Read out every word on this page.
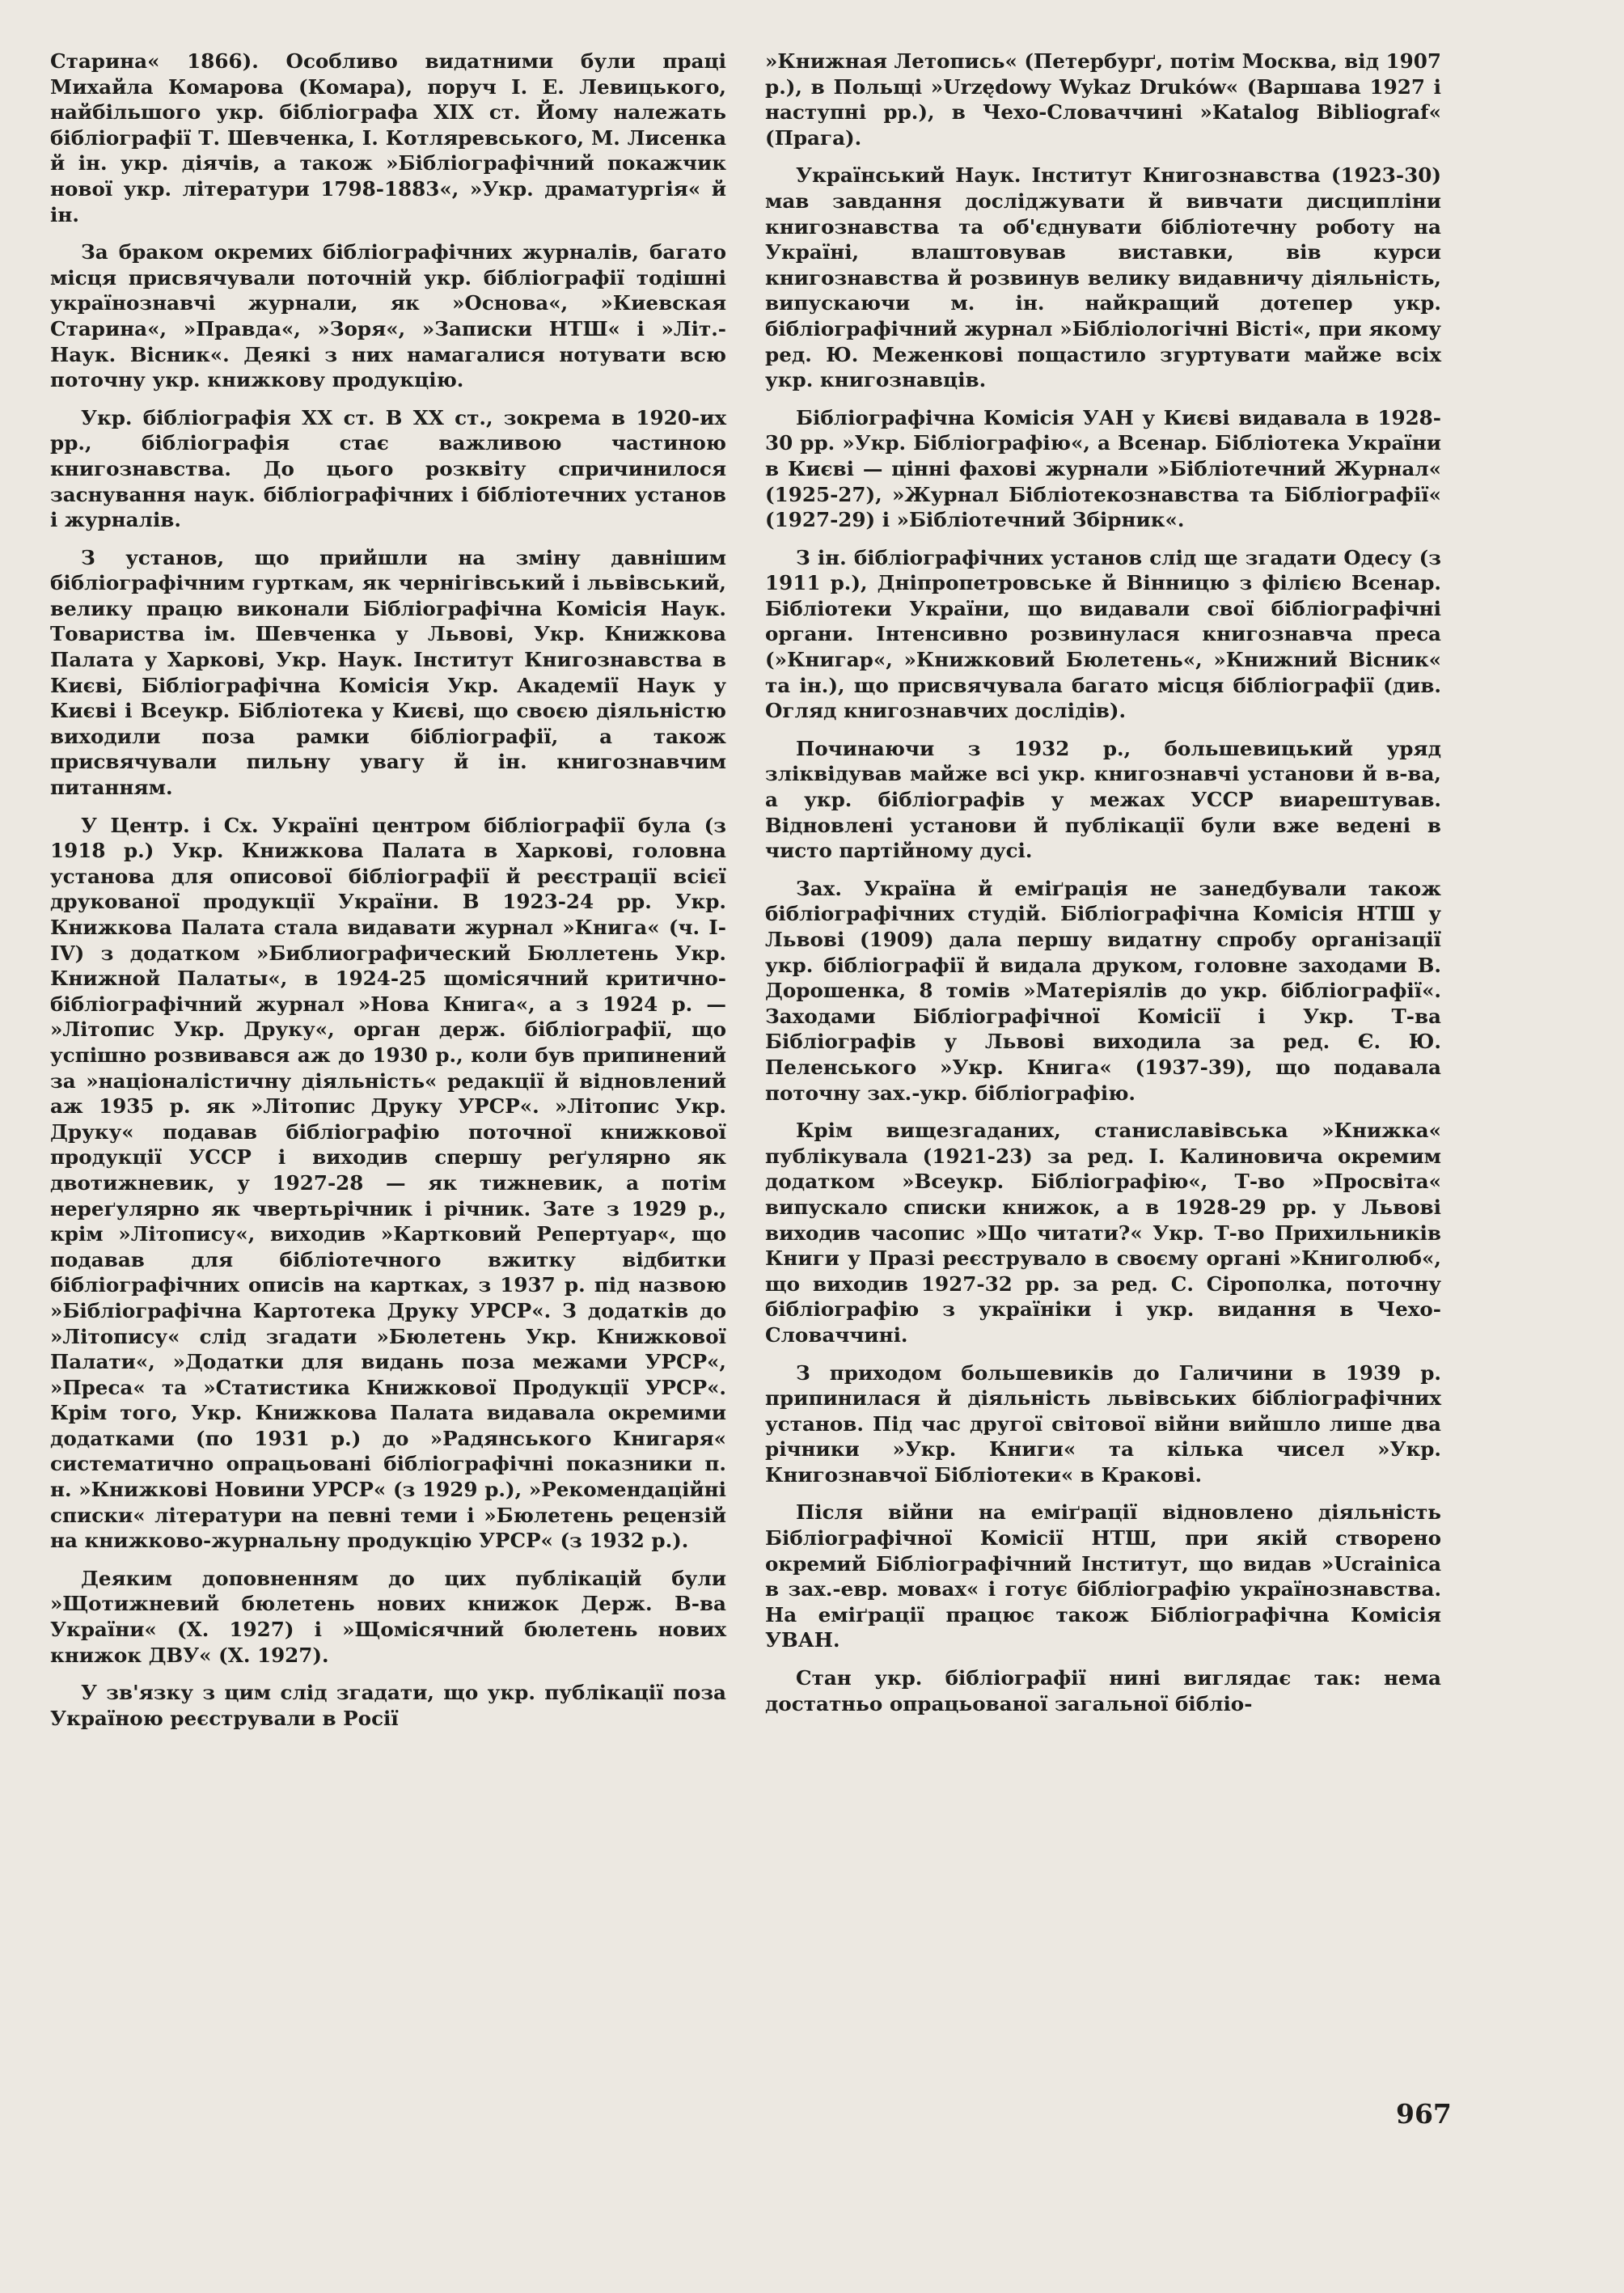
Старина« 1866). Особливо видатними були праці Михайла Комарова (Комара), поруч І. Е. Левицького, найбільшого укр. бібліографа XIX ст. Йому належать бібліографії Т. Шевченка, І. Котляревського, М. Лисенка й ін. укр. діячів, а також »Бібліографічний покажчик нової укр. літератури 1798-1883«, »Укр. драматургія« й ін.

За браком окремих бібліографічних журналів, багато місця присвячували поточній укр. бібліографії тодішні українознавчі журнали, як »Основа«, »Киевская Старина«, »Правда«, »Зоря«, »Записки НТШ« і »Літ.-Наук. Вісник«. Деякі з них намагалися нотувати всю поточну укр. книжкову продукцію.

Укр. бібліографія XX ст. В XX ст., зокрема в 1920-их рр., бібліографія стає важливою частиною книгознавства. До цього розквіту спричинилося заснування наук. бібліографічних і бібліотечних установ і журналів.

З установ, що прийшли на зміну давнішим бібліографічним гурткам, як чернігівський і львівський, велику працю виконали Бібліографічна Комісія Наук. Товариства ім. Шевченка у Львові, Укр. Книжкова Палата у Харкові, Укр. Наук. Інститут Книгознавства в Києві, Бібліографічна Комісія Укр. Академії Наук у Києві і Всеукр. Бібліотека у Києві, що своєю діяльністю виходили поза рамки бібліографії, а також присвячували пильну увагу й ін. книгознавчим питанням.

У Центр. і Сх. Україні центром бібліографії була (з 1918 р.) Укр. Книжкова Палата в Харкові, головна установа для описової бібліографії й реєстрації всієї друкованої продукції України. В 1923-24 рр. Укр. Книжкова Палата стала видавати журнал »Книга« (ч. I-IV) з додатком »Библиографический Бюллетень Укр. Книжной Палаты«, в 1924-25 щомісячний критично-бібліографічний журнал »Нова Книга«, а з 1924 р. — »Літопис Укр. Друку«, орган держ. бібліографії, що успішно розвивався аж до 1930 р., коли був припинений за »націоналістичну діяльність« редакції й відновлений аж 1935 р. як »Літопис Друку УРСР«. »Літопис Укр. Друку« подавав бібліографію поточної книжкової продукції УССР і виходив спершу реґулярно як двотижневик, у 1927-28 — як тижневик, а потім нереґулярно як чвертьрічник і річник. Зате з 1929 р., крім »Літопису«, виходив »Картковий Репертуар«, що подавав для бібліотечного вжитку відбитки бібліографічних описів на картках, з 1937 р. під назвою »Бібліографічна Картотека Друку УРСР«. З додатків до »Літопису« слід згадати »Бюлетень Укр. Книжкової Палати«, »Додатки для видань поза межами УРСР«, »Преса« та »Статистика Книжкової Продукції УРСР«. Крім того, Укр. Книжкова Палата видавала окремими додатками (по 1931 р.) до »Радянського Книгаря« систематично опрацьовані бібліографічні показники п. н. »Книжкові Новини УРСР« (з 1929 р.), »Рекомендаційні списки« літератури на певні теми і »Бюлетень рецензій на книжково-журнальну продукцію УРСР« (з 1932 р.).

Деяким доповненням до цих публікацій були »Щотижневий бюлетень нових книжок Держ. В-ва України« (Х. 1927) і »Щомісячний бюлетень нових книжок ДВУ« (Х. 1927).

У зв'язку з цим слід згадати, що укр. публікації поза Україною реєстрували в Росії

»Книжная Летопись« (Петербурґ, потім Москва, від 1907 р.), в Польщі »Urzędowy Wykaz Druków« (Варшава 1927 і наступні рр.), в Чехо-Словаччині »Katalog Bibliograf« (Прага).

Український Наук. Інститут Книгознавства (1923-30) мав завдання досліджувати й вивчати дисципліни книгознавства та об'єднувати бібліотечну роботу на Україні, влаштовував виставки, вів курси книгознавства й розвинув велику видавничу діяльність, випускаючи м. ін. найкращий дотепер укр. бібліографічний журнал »Бібліологічні Вісті«, при якому ред. Ю. Меженкові пощастило згуртувати майже всіх укр. книгознавців.

Бібліографічна Комісія УАН у Києві видавала в 1928-30 рр. »Укр. Бібліографію«, а Всенар. Бібліотека України в Києві — цінні фахові журнали »Бібліотечний Журнал« (1925-27), »Журнал Бібліотекознавства та Бібліографії« (1927-29) і »Бібліотечний Збірник«.

З ін. бібліографічних установ слід ще згадати Одесу (з 1911 р.), Дніпропетровське й Вінницю з філією Всенар. Бібліотеки України, що видавали свої бібліографічні органи. Інтенсивно розвинулася книгознавча преса (»Книгар«, »Книжковий Бюлетень«, »Книжний Вісник« та ін.), що присвячувала багато місця бібліографії (див. Огляд книгознавчих дослідів).

Починаючи з 1932 р., большевицький уряд зліквідував майже всі укр. книгознавчі установи й в-ва, а укр. бібліографів у межах УССР виарештував. Відновлені установи й публікації були вже ведені в чисто партійному дусі.

Зах. Україна й еміґрація не занедбували також бібліографічних студій. Бібліографічна Комісія НТШ у Львові (1909) дала першу видатну спробу організації укр. бібліографії й видала друком, головне заходами В. Дорошенка, 8 томів »Матеріялів до укр. бібліографії«. Заходами Бібліографічної Комісії і Укр. Т-ва Бібліографів у Львові виходила за ред. Є. Ю. Пеленського »Укр. Книга« (1937-39), що подавала поточну зах.-укр. бібліографію.

Крім вищезгаданих, станиславівська »Книжка« публікувала (1921-23) за ред. І. Калиновича окремим додатком »Всеукр. Бібліографію«, Т-во »Просвіта« випускало списки книжок, а в 1928-29 рр. у Львові виходив часопис »Що читати?« Укр. Т-во Прихильників Книги у Празі реєструвало в своєму органі »Книголюб«, що виходив 1927-32 рр. за ред. С. Сірополка, поточну бібліографію з україніки і укр. видання в Чехо-Словаччині.

З приходом большевиків до Галичини в 1939 р. припинилася й діяльність львівських бібліографічних установ. Під час другої світової війни вийшло лише два річники »Укр. Книги« та кілька чисел »Укр. Книгознавчої Бібліотеки« в Кракові.

Після війни на еміґрації відновлено діяльність Бібліографічної Комісії НТШ, при якій створено окремий Бібліографічний Інститут, що видав »Ucrainica в зах.-евр. мовах« і готує бібліографію українознавства. На еміґрації працює також Бібліографічна Комісія УВАН.

Стан укр. бібліографії нині виглядає так: нема достатньо опрацьованої загальної бібліо-

967
